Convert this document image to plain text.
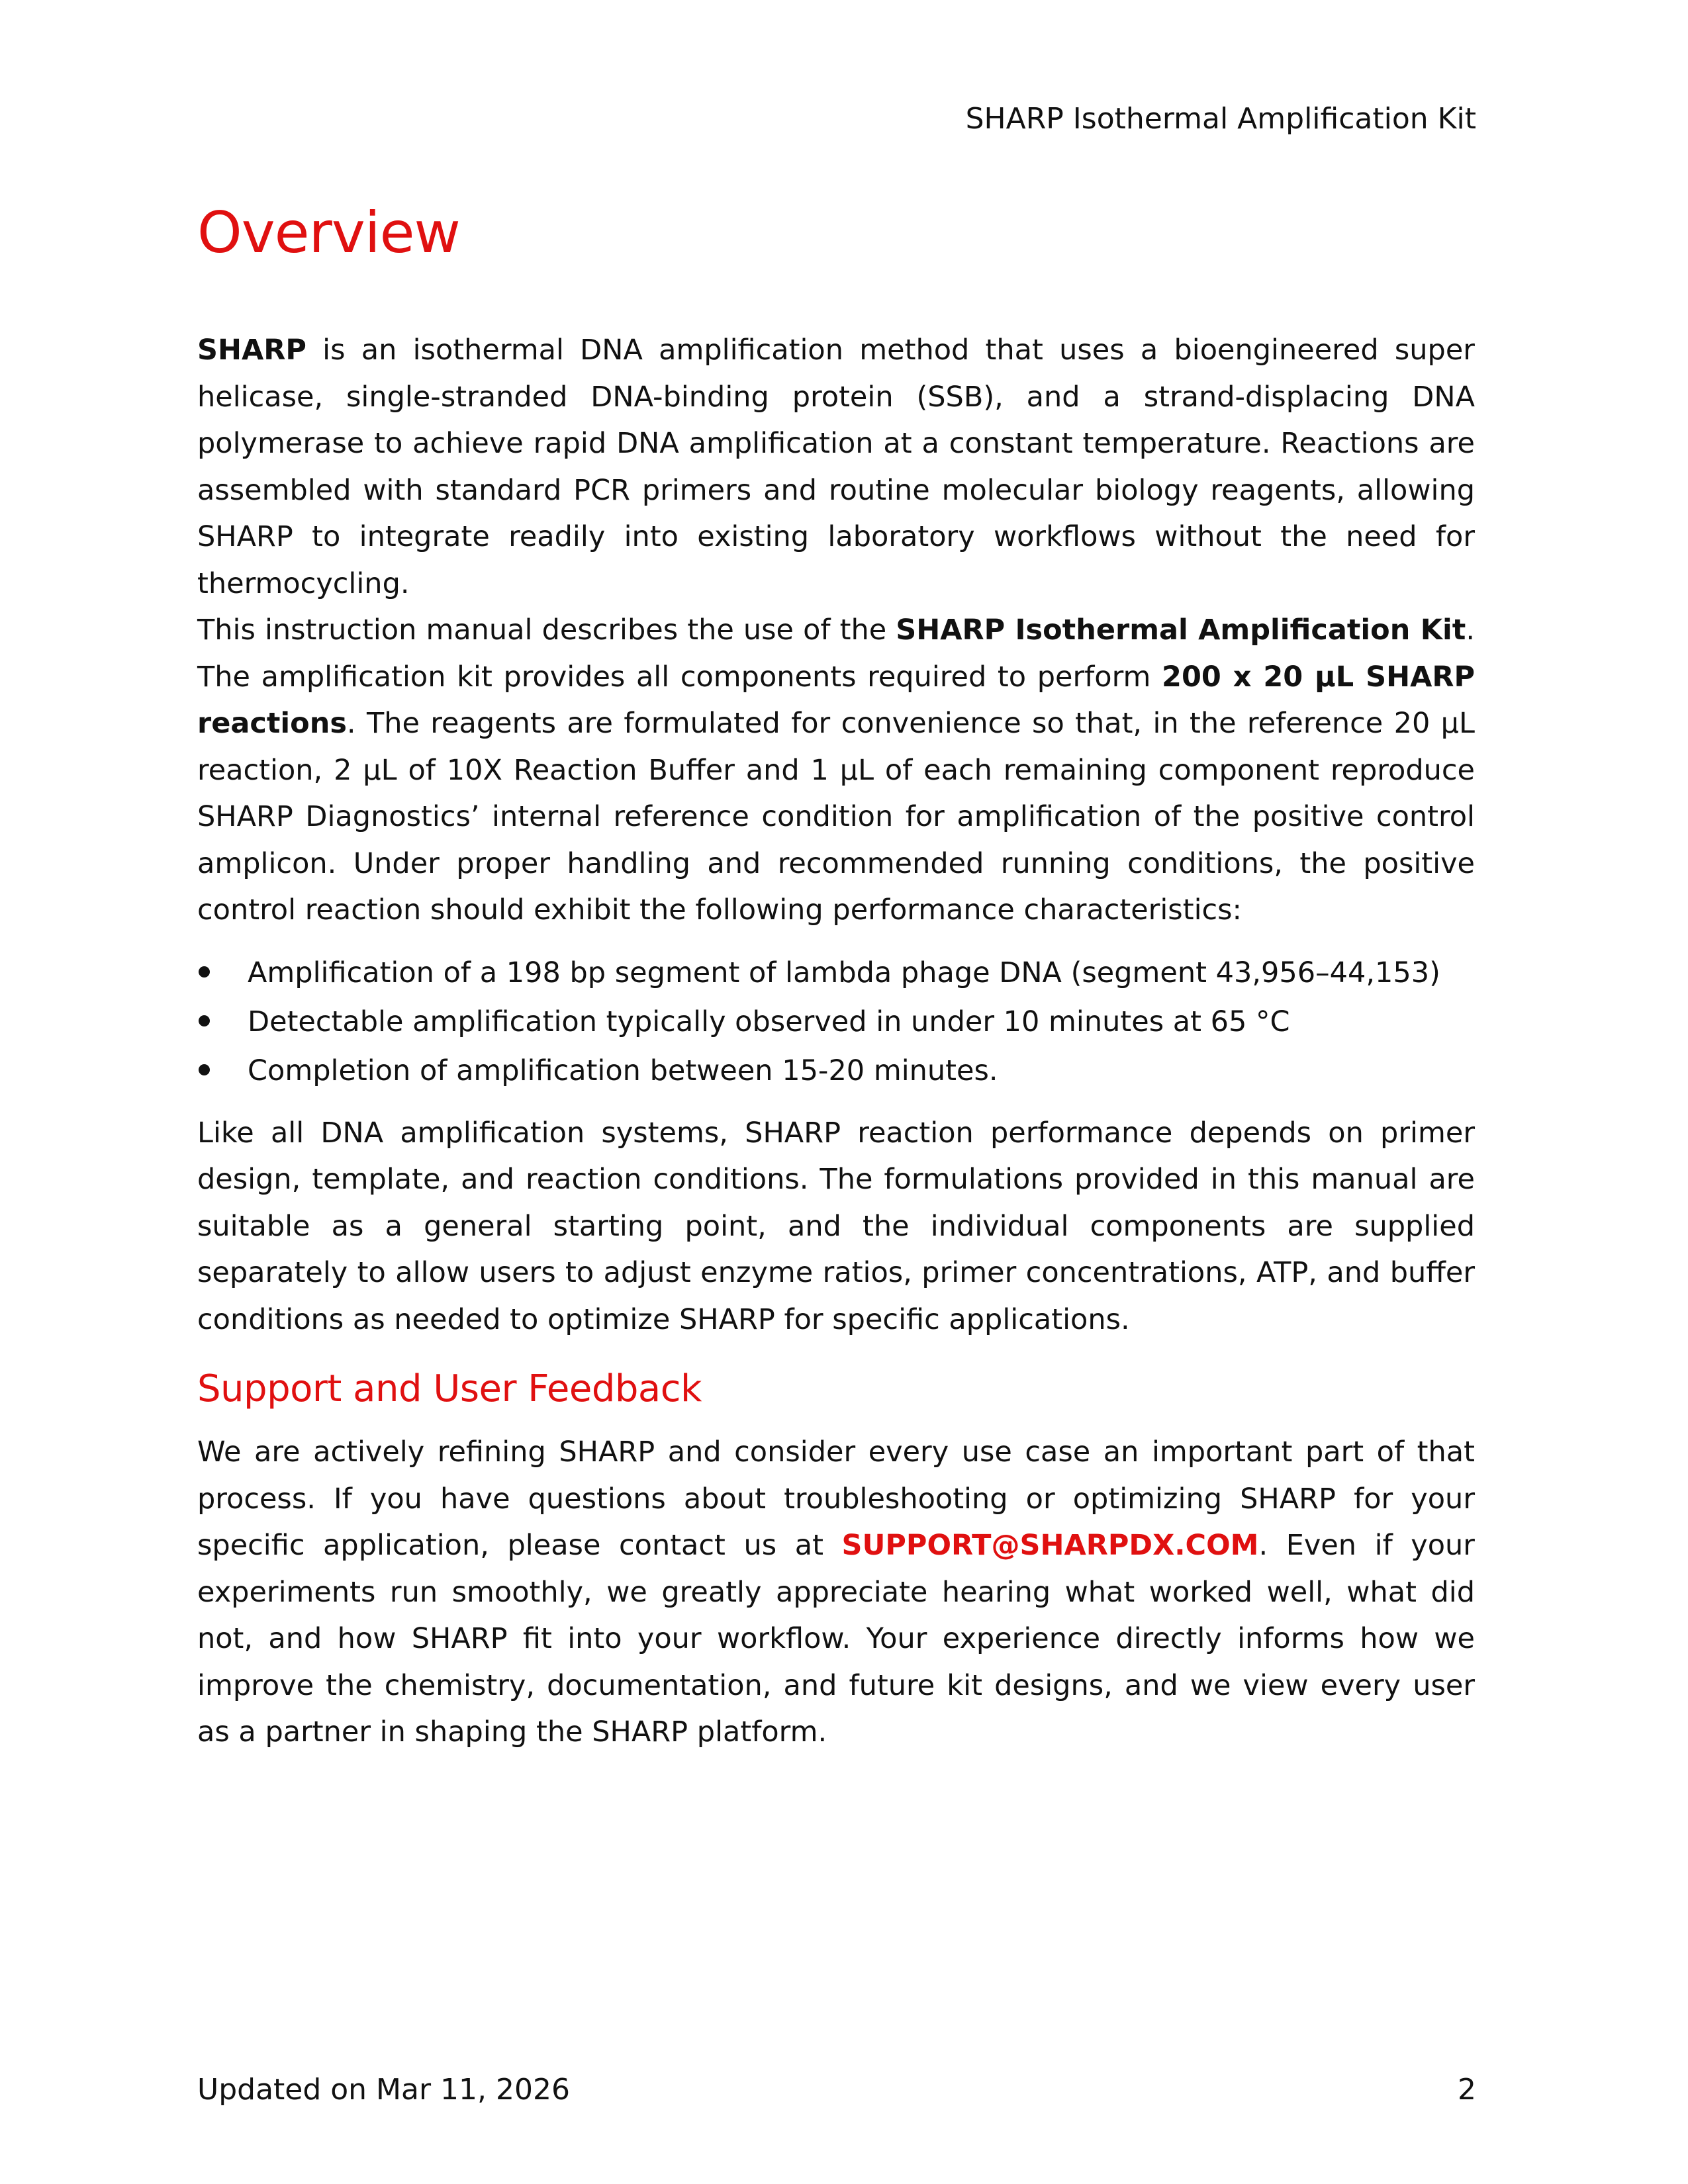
SHARP Isothermal Amplification Kit
Overview

SHARP is an isothermal DNA amplification method that uses a bioengineered super helicase, single-stranded DNA-binding protein (SSB), and a strand-displacing DNA polymerase to achieve rapid DNA amplification at a constant temperature. Reactions are assembled with standard PCR primers and routine molecular biology reagents, allowing SHARP to integrate readily into existing laboratory workflows without the need for thermocycling.

This instruction manual describes the use of the SHARP Isothermal Amplification Kit. The amplification kit provides all components required to perform 200 x 20 µL SHARP reactions. The reagents are formulated for convenience so that, in the reference 20 µL reaction, 2 µL of 10X Reaction Buffer and 1 µL of each remaining component reproduce SHARP Diagnostics’ internal reference condition for amplification of the positive control amplicon. Under proper handling and recommended running conditions, the positive control reaction should exhibit the following performance characteristics:

Amplification of a 198 bp segment of lambda phage DNA (segment 43,956–44,153)
Detectable amplification typically observed in under 10 minutes at 65 °C
Completion of amplification between 15-20 minutes.

Like all DNA amplification systems, SHARP reaction performance depends on primer design, template, and reaction conditions. The formulations provided in this manual are suitable as a general starting point, and the individual components are supplied separately to allow users to adjust enzyme ratios, primer concentrations, ATP, and buffer conditions as needed to optimize SHARP for specific applications.

Support and User Feedback

We are actively refining SHARP and consider every use case an important part of that process. If you have questions about troubleshooting or optimizing SHARP for your specific application, please contact us at SUPPORT@SHARPDX.COM. Even if your experiments run smoothly, we greatly appreciate hearing what worked well, what did not, and how SHARP fit into your workflow. Your experience directly informs how we improve the chemistry, documentation, and future kit designs, and we view every user as a partner in shaping the SHARP platform.

Updated on Mar 11, 2026	2
